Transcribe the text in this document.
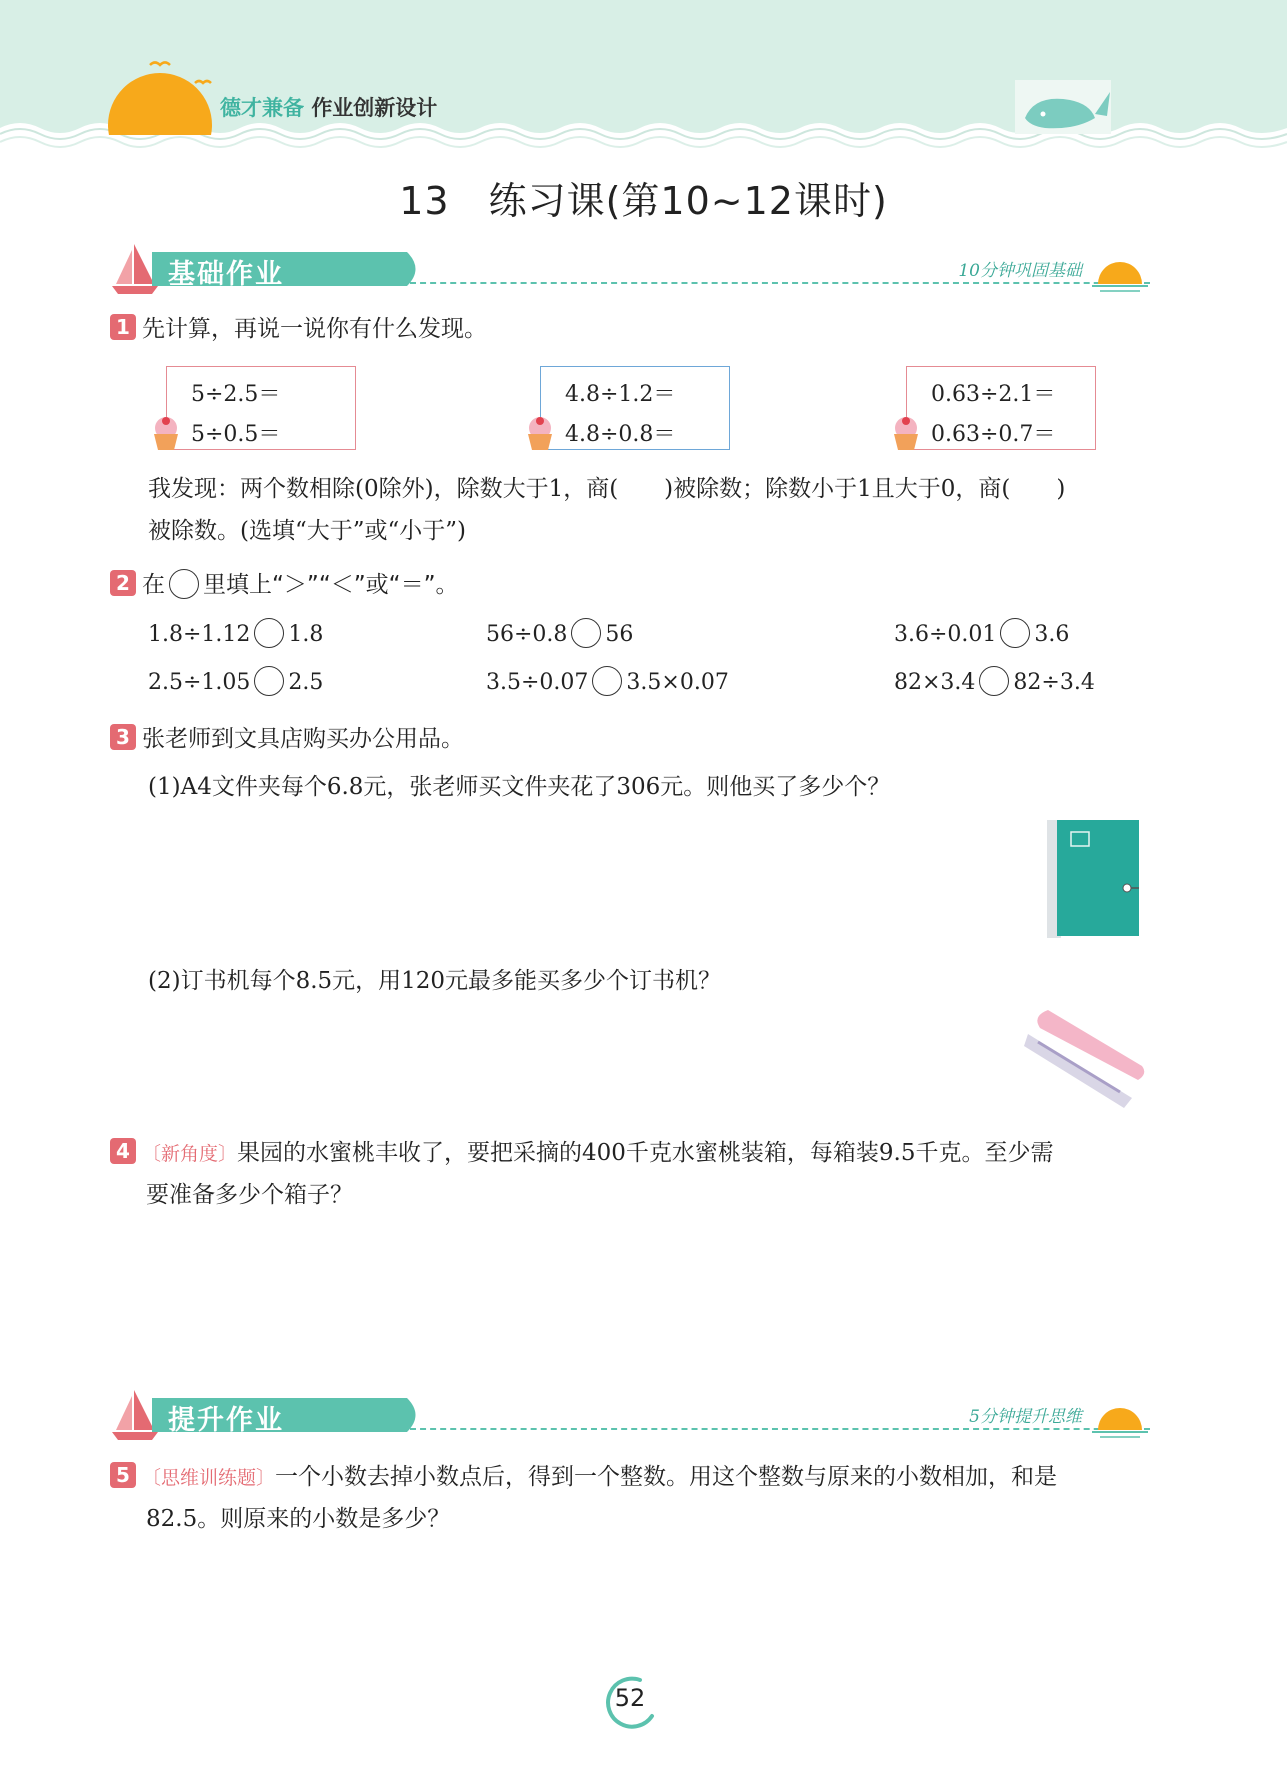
德才兼备 作业创新设计
13　练习课(第10~12课时)
基础作业	10分钟巩固基础
1 先计算，再说一说你有什么发现。
5÷2.5＝
5÷0.5＝
4.8÷1.2＝
4.8÷0.8＝
0.63÷2.1＝
0.63÷0.7＝
我发现：两个数相除(0除外)，除数大于1，商(　　)被除数；除数小于1且大于0，商(　　)
被除数。(选填“大于”或“小于”)
2 在 里填上“＞”“＜”或“＝”。
1.8÷1.12 1.8	56÷0.8 56	3.6÷0.01 3.6
2.5÷1.05 2.5	3.5÷0.07 3.5×0.07	82×3.4 82÷3.4
3 张老师到文具店购买办公用品。
(1)A4文件夹每个6.8元，张老师买文件夹花了306元。则他买了多少个？
(2)订书机每个8.5元，用120元最多能买多少个订书机？
4 〔新角度〕果园的水蜜桃丰收了，要把采摘的400千克水蜜桃装箱，每箱装9.5千克。至少需
要准备多少个箱子？
提升作业	5分钟提升思维
5 〔思维训练题〕一个小数去掉小数点后，得到一个整数。用这个整数与原来的小数相加，和是
82.5。则原来的小数是多少？
52
